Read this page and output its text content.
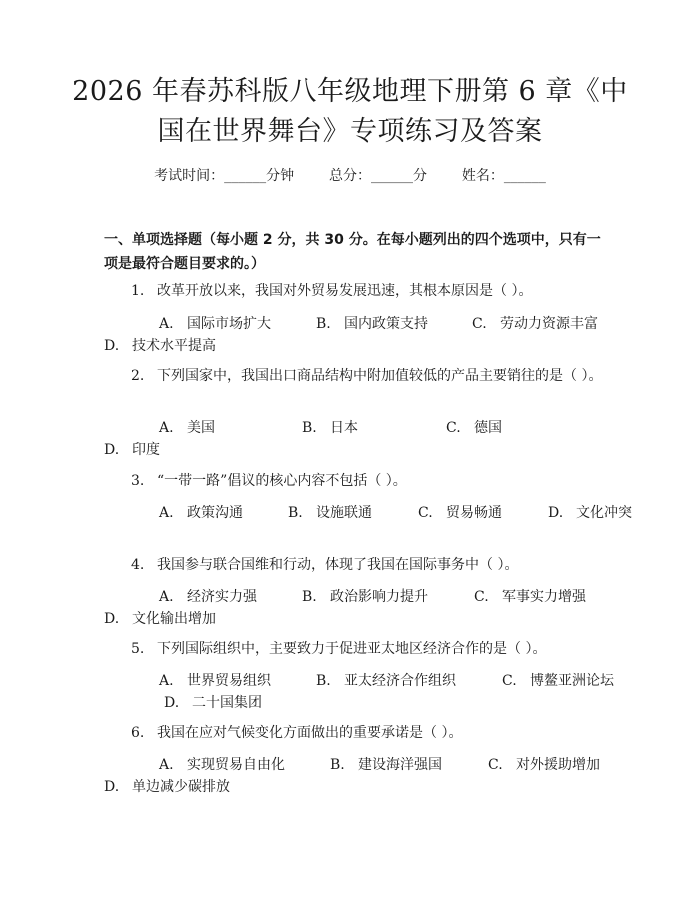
2026 年春苏科版八年级地理下册第 6 章《中国在世界舞台》专项练习及答案
考试时间：______分钟 总分：______分 姓名：______
一、单项选择题（每小题 2 分，共 30 分。在每小题列出的四个选项中，只有一项是最符合题目要求的。）
1. 改革开放以来，我国对外贸易发展迅速，其根本原因是（ ）。
A. 国际市场扩大	B. 国内政策支持	C. 劳动力资源丰富
D. 技术水平提高
2. 下列国家中，我国出口商品结构中附加值较低的产品主要销往的是（ ）。
A. 美国	B. 日本	C. 德国
D. 印度
3. “一带一路”倡议的核心内容不包括（ ）。
A. 政策沟通	B. 设施联通	C. 贸易畅通	D. 文化冲突
4. 我国参与联合国维和行动，体现了我国在国际事务中（ ）。
A. 经济实力强	B. 政治影响力提升	C. 军事实力增强
D. 文化输出增加
5. 下列国际组织中，主要致力于促进亚太地区经济合作的是（ ）。
A. 世界贸易组织	B. 亚太经济合作组织	C. 博鳌亚洲论坛
D. 二十国集团
6. 我国在应对气候变化方面做出的重要承诺是（ ）。
A. 实现贸易自由化	B. 建设海洋强国	C. 对外援助增加
D. 单边减少碳排放
